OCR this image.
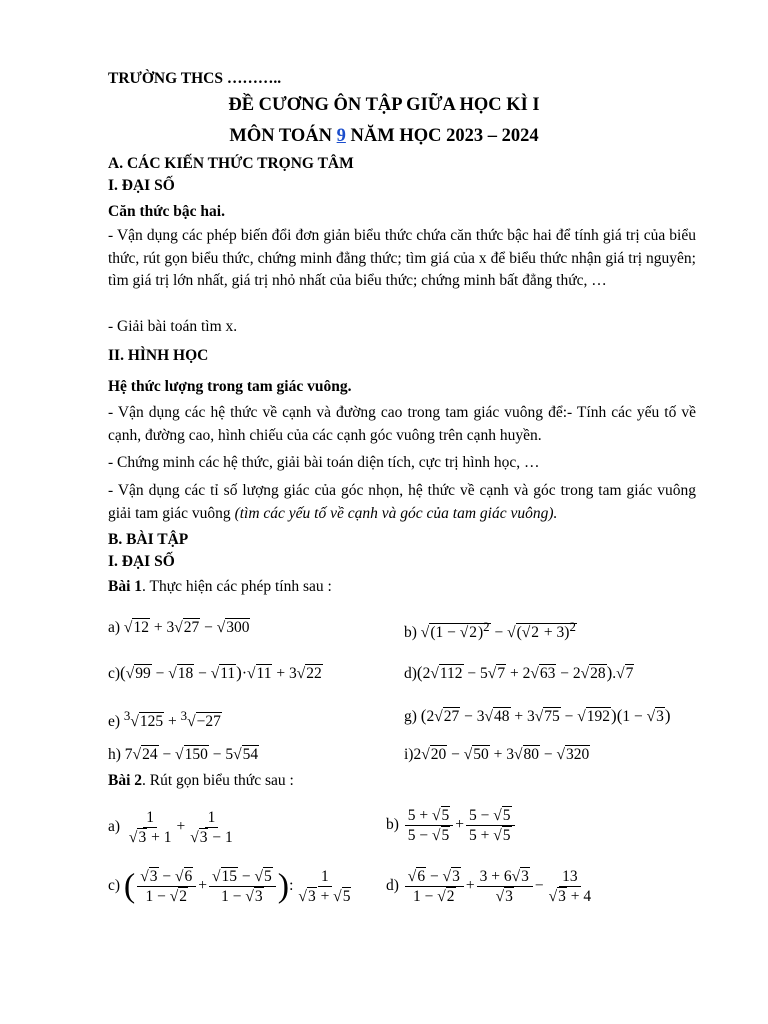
TRƯỜNG THCS ………..
ĐỀ CƯƠNG ÔN TẬP GIỮA HỌC KÌ I
MÔN TOÁN 9 NĂM HỌC 2023 – 2024
A. CÁC KIẾN THỨC TRỌNG TÂM
I. ĐẠI SỐ
Căn thức bậc hai.
- Vận dụng các phép biến đổi đơn giản biểu thức chứa căn thức bậc hai để tính giá trị của biểu thức, rút gọn biểu thức, chứng minh đẳng thức; tìm giá của x để biểu thức nhận giá trị nguyên; tìm giá trị lớn nhất, giá trị nhỏ nhất của biểu thức; chứng minh bất đẳng thức, …
- Giải bài toán tìm x.
II. HÌNH HỌC
Hệ thức lượng trong tam giác vuông.
- Vận dụng các hệ thức về cạnh và đường cao trong tam giác vuông để:- Tính các yếu tố về cạnh, đường cao, hình chiếu của các cạnh góc vuông trên cạnh huyền.
- Chứng minh các hệ thức, giải bài toán diện tích, cực trị hình học, …
- Vận dụng các tỉ số lượng giác của góc nhọn, hệ thức về cạnh và góc trong tam giác vuông giải tam giác vuông (tìm các yếu tố về cạnh và góc của tam giác vuông).
B. BÀI TẬP
I. ĐẠI SỐ
Bài 1. Thực hiện các phép tính sau :
a) √12 + 3√27 − √300	b) $√(1 - √2)^2 - √(√2 + 3)^2$
c)(√99 − √18 − √11)·√11 + 3√22	d)(2√112 − 5√7 + 2√63 − 2√28).√7
e) $^3$√125 + $^3$√−27	g) (2√27 − 3√48 + 3√75 − √192)(1 − √3)
h) 7√24 − √150 − 5√54	i)2√20 − √50 + 3√80 − √320
Bài 2. Rút gọn biểu thức sau :
$a) \frac{1}{√3 + 1} + \frac{1}{√3 - 1}$	$b) \frac{5 + √5}{5 - √5} + \frac{5 - √5}{5 + √5}$
c) ( $\frac{√3 - √6}{1 - √2} + \frac{√15 - √5}{1 - √3}$ ): $\frac{1}{√3 + √5} d) \frac{√6 - √3}{1 - √2} + \frac{3 + 6√3}{√3} - \frac{13}{√3 + 4}$
